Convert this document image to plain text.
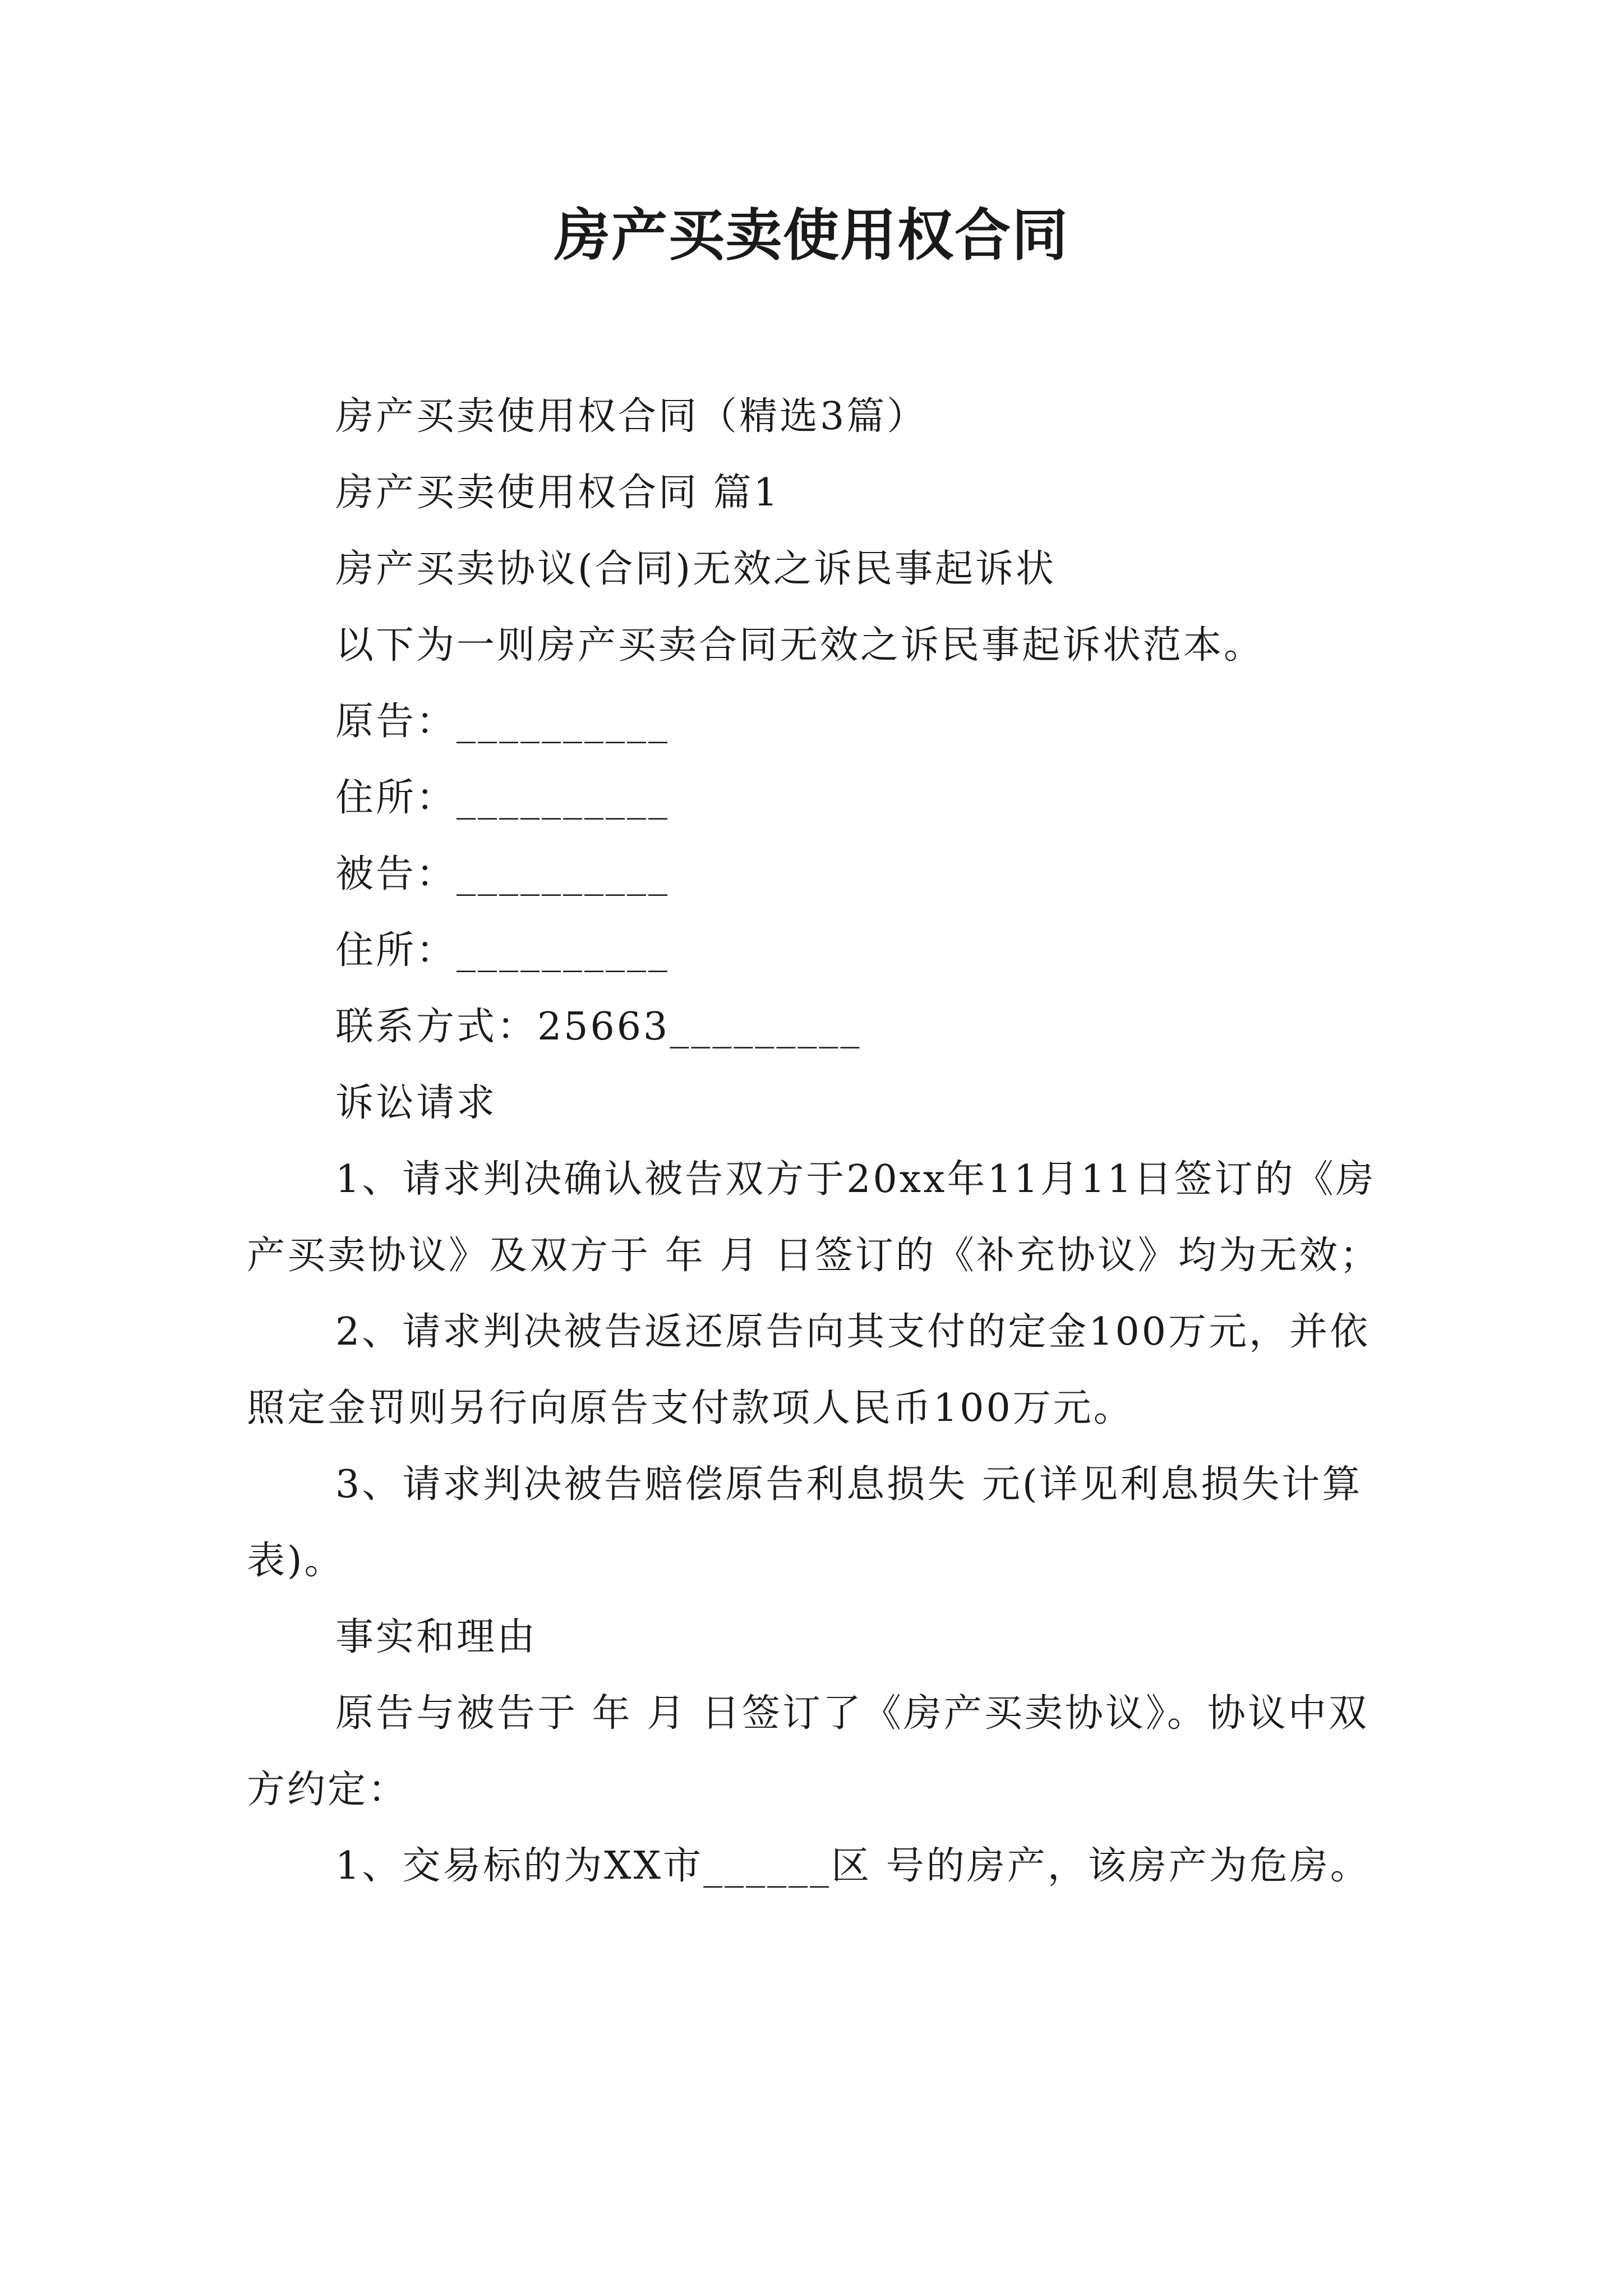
房产买卖使用权合同

房产买卖使用权合同（精选3篇）

房产买卖使用权合同 篇1

房产买卖协议(合同)无效之诉民事起诉状

以下为一则房产买卖合同无效之诉民事起诉状范本。

原告：__________

住所：__________

被告：__________

住所：__________

联系方式：25663_________

诉讼请求

1、请求判决确认被告双方于20xx年11月11日签订的《房产买卖协议》及双方于 年 月 日签订的《补充协议》均为无效；

2、请求判决被告返还原告向其支付的定金100万元，并依照定金罚则另行向原告支付款项人民币100万元。

3、请求判决被告赔偿原告利息损失 元(详见利息损失计算表)。

事实和理由

原告与被告于 年 月 日签订了《房产买卖协议》。协议中双方约定：

1、交易标的为XX市______区 号的房产，该房产为危房。
